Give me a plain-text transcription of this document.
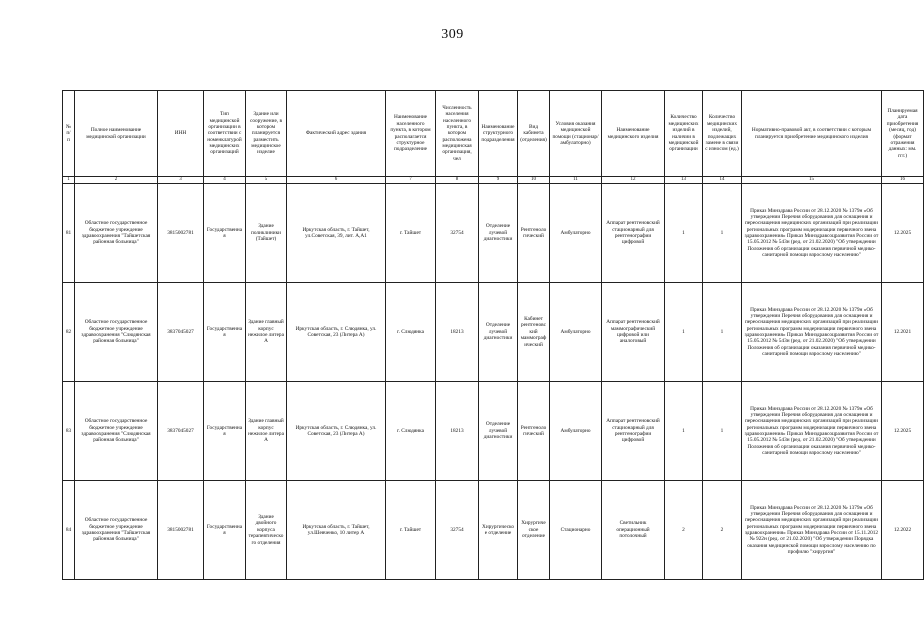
309
№ п/п	Полное наименование медицинской организации	ИНН	Тип медицинской организации в соответствии с номенклатурой медицинских организаций	Здание или сооружение, в котором планируется разместить медицинское изделие	Фактический адрес здания	Наименование населенного пункта, в котором располагается структурное подразделение	Численность населения населенного пункта, в котором расположена медицинская организация, чел	Наименование структурного подразделения	Вид кабинета (отделения)	Условия оказания медицинской помощи (стационар/амбулаторно)	Наименование медицинского изделия	Количество медицинских изделий в наличии в медицинской организации	Количество медицинских изделий, подлежащих замене в связи с износом (ед.)	Нормативно-правовой акт, в соответствии с которым планируется приобретение медицинского изделия	Планируемая дата приобретения (месяц, год) (формат отражения данных: мм. ггг.)
1	2	3	4	5	6	7	8	9	10	11	12	13	14	15	16
81	Областное государственное бюджетное учреждение здравоохранения "Тайшетская районная больница"	3815002781	Государственная	Здание поликлиники (Тайшет)	Иркутская область, г. Тайшет, ул.Советская, 39, лит. А,А1	г. Тайшет	32754	Отделение лучевой диагностики	Рентгенологический	Амбулаторно	Аппарат рентгеновский стационарный для рентгенографии цифровой	1	1	Приказ Минздрава России от 28.12.2020 № 1379н «Об утверждении Перечня оборудования для оснащения и переоснащения медицинских организаций при реализации региональных программ модернизации первичного звена здравоохранения» Приказ Минздравсоцразвития России от 15.05.2012 № 543н (ред. от 21.02.2020) "Об утверждении Положения об организации оказания первичной медико-санитарной помощи взрослому населению"	12.2025
82	Областное государственное бюджетное учреждение здравоохранения "Слюдянская районная больница"	3837045027	Государственная	Здание главный корпус нежилое литера А	Иркутская область, г. Слюдянка, ул. Советская, 23 (Литера А)	г. Слюдянка	18213	Отделение лучевой диагностики	Кабинет рентгеновский маммографический	Амбулаторно	Аппарат рентгеновский маммографический цифровой или аналоговый	1	1	Приказ Минздрава России от 28.12.2020 № 1379н «Об утверждении Перечня оборудования для оснащения и переоснащения медицинских организаций при реализации региональных программ модернизации первичного звена здравоохранения» Приказ Минздравсоцразвития России от 15.05.2012 № 543н (ред. от 21.02.2020) "Об утверждении Положения об организации оказания первичной медико-санитарной помощи взрослому населению"	12.2021
83	Областное государственное бюджетное учреждение здравоохранения "Слюдянская районная больница"	3837045027	Государственная	Здание главный корпус нежилое литера А	Иркутская область, г. Слюдянка, ул. Советская, 23 (Литера А)	г. Слюдянка	18213	Отделение лучевой диагностики	Рентгенологический	Амбулаторно	Аппарат рентгеновский стационарный для рентгенографии цифровой	1	1	Приказ Минздрава России от 28.12.2020 № 1379н «Об утверждении Перечня оборудования для оснащения и переоснащения медицинских организаций при реализации региональных программ модернизации первичного звена здравоохранения» Приказ Минздравсоцразвития России от 15.05.2012 № 543н (ред. от 21.02.2020) "Об утверждении Положения об организации оказания первичной медико-санитарной помощи взрослому населению"	12.2025
84	Областное государственное бюджетное учреждение здравоохранения "Тайшетская районная больница"	3815002781	Государственная	Здание двойного корпуса терапевтического отделения	Иркутская область, г. Тайшет, ул.Шевченко, 10 литер А	г. Тайшет	32754	Хирургическое отделение	Хирургическое отделение	Стационарно	Светильник операционный потолочный	2	2	Приказ Минздрава России от 28.12.2020 № 1379н «Об утверждении Перечня оборудования для оснащения и переоснащения медицинских организаций при реализации региональных программ модернизации первичного звена здравоохранения» Приказ Минздрава России от 15.11.2012 № 922н (ред. от 21.02.2020) "Об утверждении Порядка оказания медицинской помощи взрослому населению по профилю "хирургия"	12.2022
